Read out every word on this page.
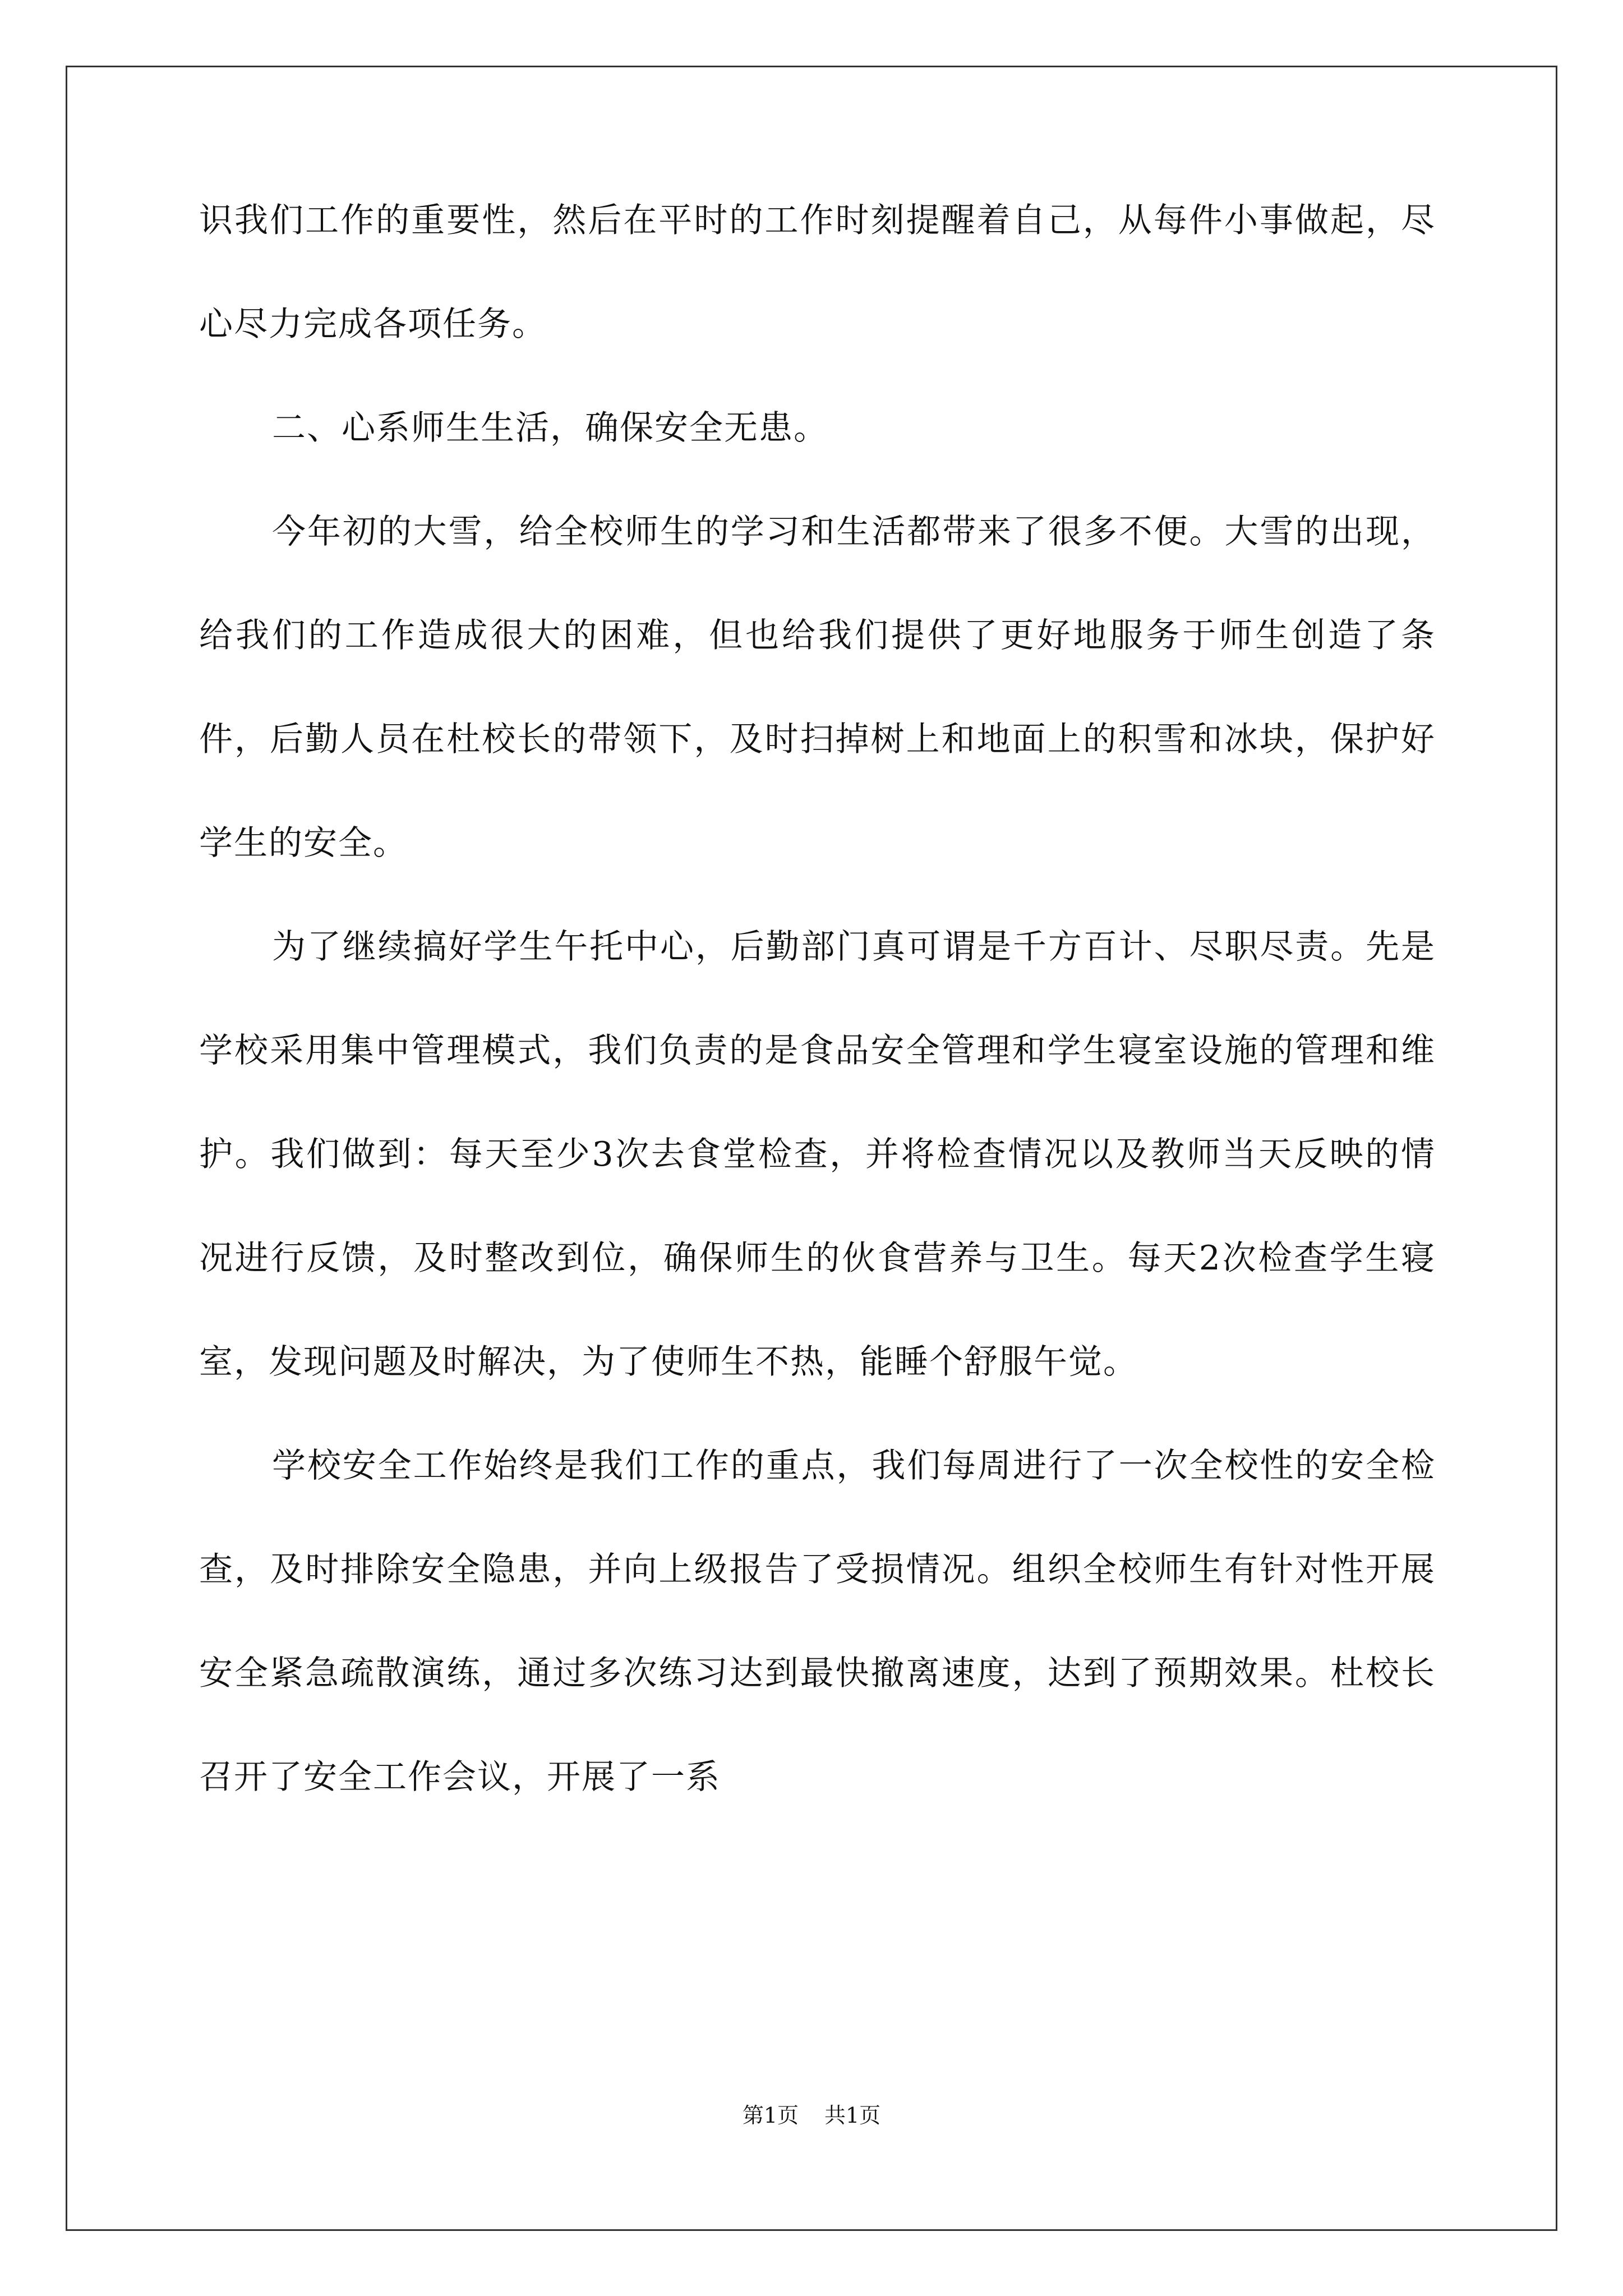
识我们工作的重要性，然后在平时的工作时刻提醒着自己，从每件小事做起，尽心尽力完成各项任务。

二、心系师生生活，确保安全无患。

今年初的大雪，给全校师生的学习和生活都带来了很多不便。大雪的出现，给我们的工作造成很大的困难，但也给我们提供了更好地服务于师生创造了条件，后勤人员在杜校长的带领下，及时扫掉树上和地面上的积雪和冰块，保护好学生的安全。

为了继续搞好学生午托中心，后勤部门真可谓是千方百计、尽职尽责。先是学校采用集中管理模式，我们负责的是食品安全管理和学生寝室设施的管理和维护。我们做到：每天至少3次去食堂检查，并将检查情况以及教师当天反映的情况进行反馈，及时整改到位，确保师生的伙食营养与卫生。每天2次检查学生寝室，发现问题及时解决，为了使师生不热，能睡个舒服午觉。

学校安全工作始终是我们工作的重点，我们每周进行了一次全校性的安全检查，及时排除安全隐患，并向上级报告了受损情况。组织全校师生有针对性开展安全紧急疏散演练，通过多次练习达到最快撤离速度，达到了预期效果。杜校长召开了安全工作会议，开展了一系

第1页 共1页
